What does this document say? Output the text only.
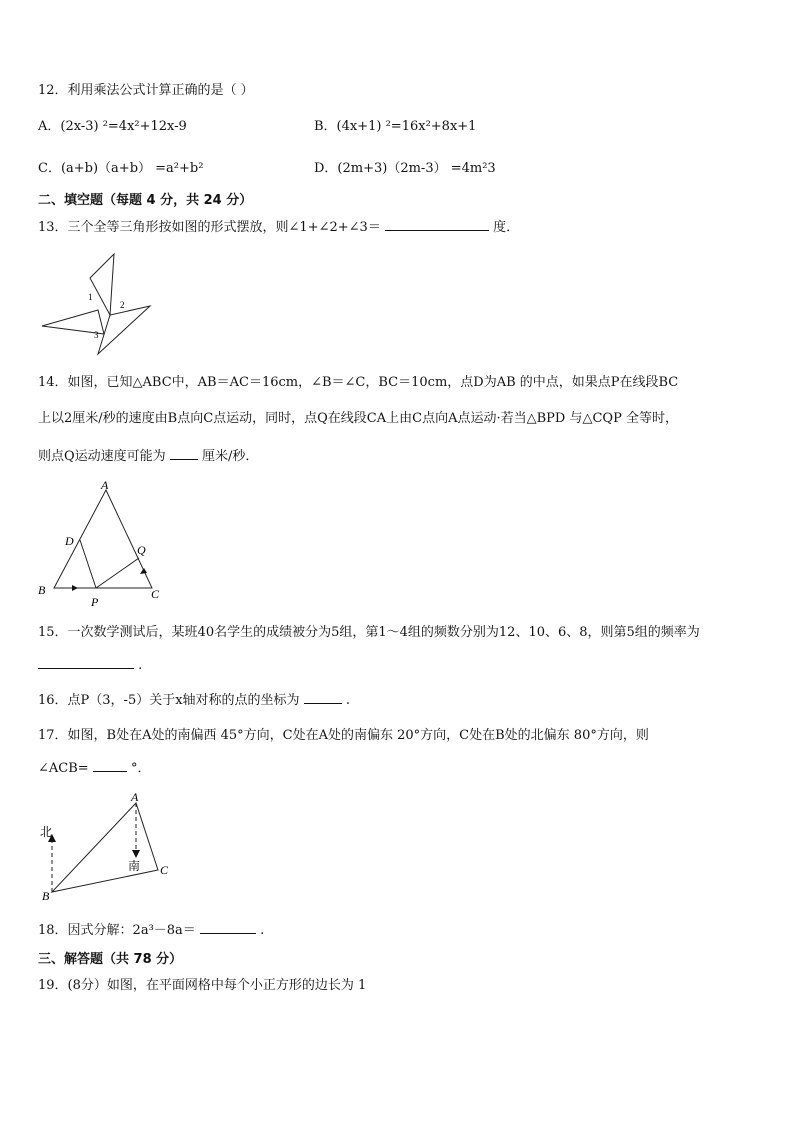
12．利用乘法公式计算正确的是（ ）
A．(2x-3) ²=4x²+12x-9	B．(4x+1) ²=16x²+8x+1
C．(a+b)（a+b） =a²+b²	D．(2m+3)（2m-3） =4m²3
二、填空题（每题 4 分，共 24 分）
13．三个全等三角形按如图的形式摆放，则∠1+∠2+∠3＝	度．
1
2
3
14．如图，已知△ABC中，AB＝AC＝16cm，∠B＝∠C，BC＝10cm，点D为AB 的中点，如果点P在线段BC
上以2厘米/秒的速度由B点向C点运动，同时，点Q在线段CA上由C点向A点运动·若当△BPD 与△CQP 全等时，
则点Q运动速度可能为	厘米/秒．
A
B	C
D
P
Q
15．一次数学测试后，某班40名学生的成绩被分为5组，第1～4组的频数分别为12、10、6、8，则第5组的频率为
.
16．点P（3，-5）关于x轴对称的点的坐标为	.
17．如图，B处在A处的南偏西 45°方向，C处在A处的南偏东 20°方向，C处在B处的北偏东 80°方向，则
∠ACB=	°．
A
B
C
北
南
18．因式分解：2a³－8a＝	.
三、解答题（共 78 分）
19．(8分）如图，在平面网格中每个小正方形的边长为 1
